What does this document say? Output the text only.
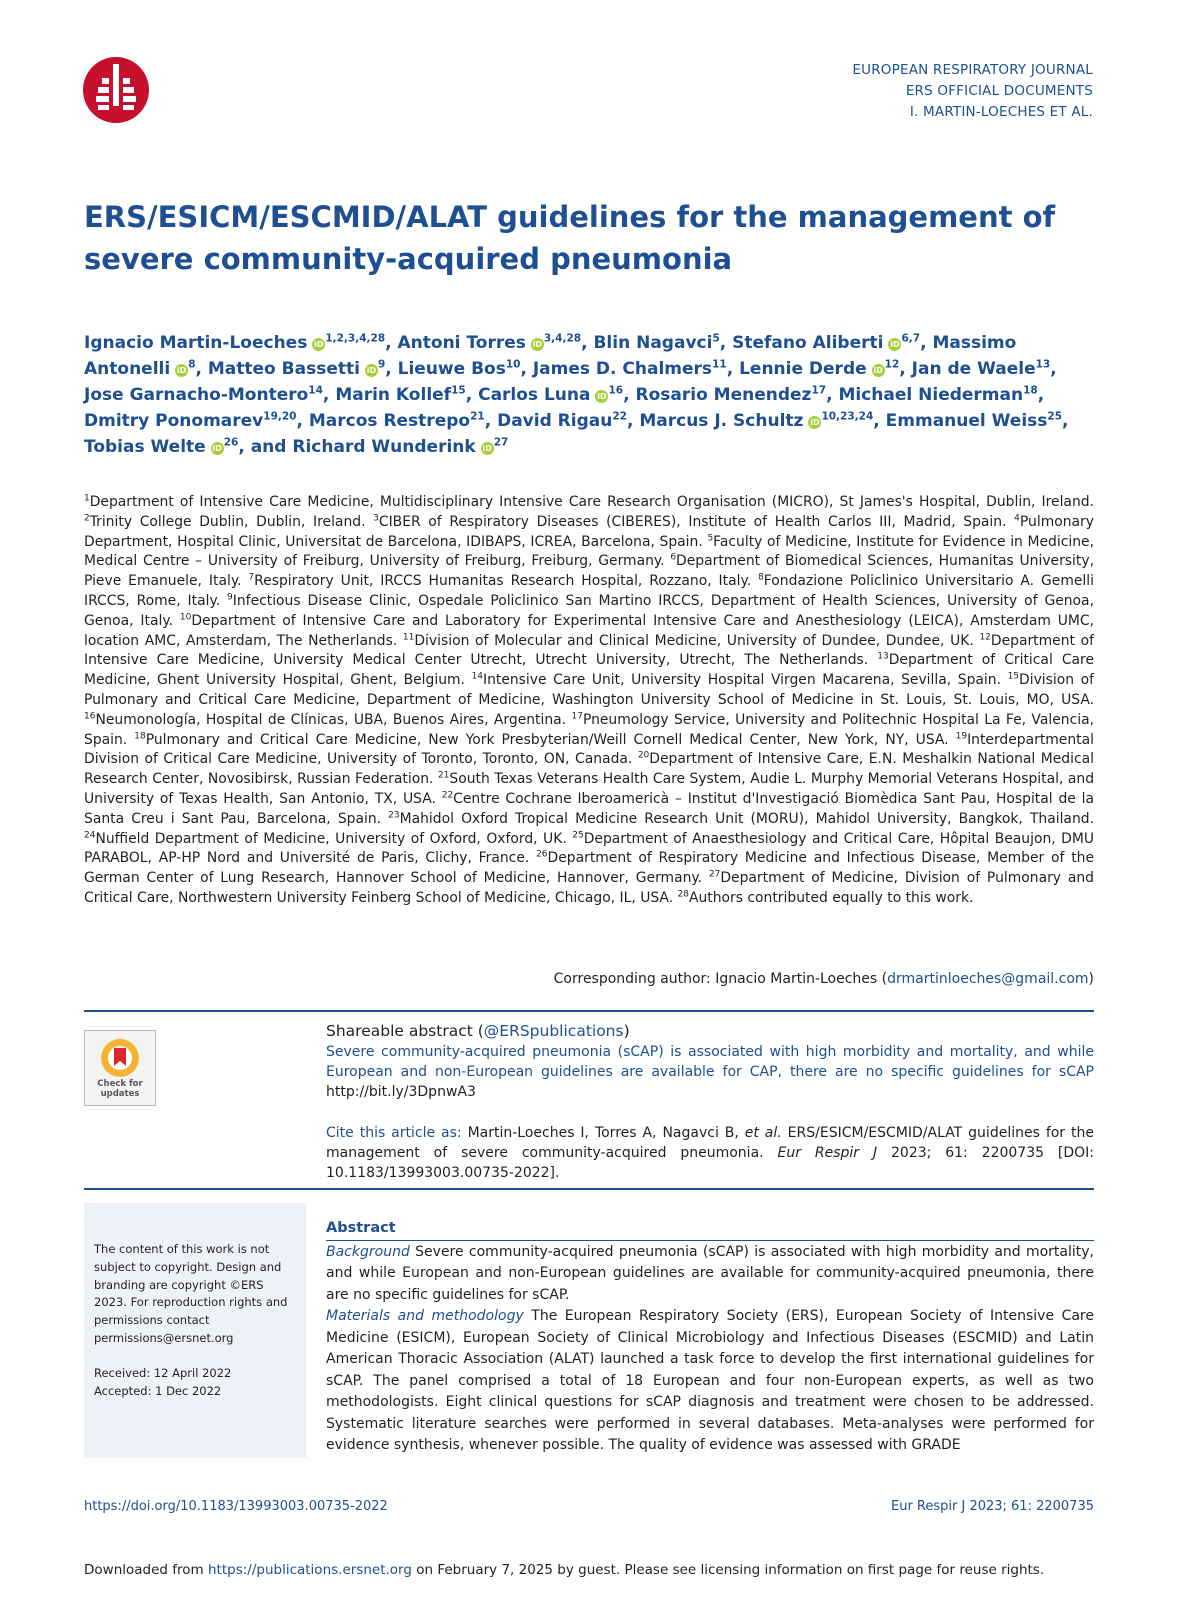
EUROPEAN RESPIRATORY JOURNAL
ERS OFFICIAL DOCUMENTS
I. MARTIN-LOECHES ET AL.
ERS/ESICM/ESCMID/ALAT guidelines for the management of severe community-acquired pneumonia

Ignacio Martin-Loeches iD$^{1,2,3,4,28}$, Antoni Torres iD$^{3,4,28}$, Blin Nagavci$^5$, Stefano Aliberti iD$^{6,7}$, Massimo Antonelli $iD^8$, Matteo Bassetti $iD^9$, Lieuwe Bos$^{10}$, James D. Chalmers$^{11}$, Lennie Derde $iD^{12}$, Jan de Waele$^{13}$, Jose Garnacho-Montero$^{14}$, Marin Kollef$^{15}$, Carlos Luna $iD^{16}$, Rosario Menendez$^{17}$, Michael Niederman$^{18}$, Dmitry Ponomarev$^{19,20}$, Marcos Restrepo$^{21}$, David Rigau$^{22}$, Marcus J. Schultz iD$^{10,23,24}$, Emmanuel Weiss$^{25}$, Tobias Welte $iD^{26}$, and Richard Wunderink $iD^{27}$

$^1$Department of Intensive Care Medicine, Multidisciplinary Intensive Care Research Organisation (MICRO), St James's Hospital, Dublin, Ireland. $^2$Trinity College Dublin, Dublin, Ireland. $^3$CIBER of Respiratory Diseases (CIBERES), Institute of Health Carlos III, Madrid, Spain. $^4$Pulmonary Department, Hospital Clinic, Universitat de Barcelona, IDIBAPS, ICREA, Barcelona, Spain. $^5$Faculty of Medicine, Institute for Evidence in Medicine, Medical Centre – University of Freiburg, University of Freiburg, Freiburg, Germany. $^6$Department of Biomedical Sciences, Humanitas University, Pieve Emanuele, Italy. $^7$Respiratory Unit, IRCCS Humanitas Research Hospital, Rozzano, Italy. $^8$Fondazione Policlinico Universitario A. Gemelli IRCCS, Rome, Italy. $^9$Infectious Disease Clinic, Ospedale Policlinico San Martino IRCCS, Department of Health Sciences, University of Genoa, Genoa, Italy. $^{10}$Department of Intensive Care and Laboratory for Experimental Intensive Care and Anesthesiology (LEICA), Amsterdam UMC, location AMC, Amsterdam, The Netherlands. $^{11}$Division of Molecular and Clinical Medicine, University of Dundee, Dundee, UK. $^{12}$Department of Intensive Care Medicine, University Medical Center Utrecht, Utrecht University, Utrecht, The Netherlands. $^{13}$Department of Critical Care Medicine, Ghent University Hospital, Ghent, Belgium. $^{14}$Intensive Care Unit, University Hospital Virgen Macarena, Sevilla, Spain. $^{15}$Division of Pulmonary and Critical Care Medicine, Department of Medicine, Washington University School of Medicine in St. Louis, St. Louis, MO, USA. $^{16}$Neumonología, Hospital de Clínicas, UBA, Buenos Aires, Argentina. $^{17}$Pneumology Service, University and Politechnic Hospital La Fe, Valencia, Spain. $^{18}$Pulmonary and Critical Care Medicine, New York Presbyterian/Weill Cornell Medical Center, New York, NY, USA. $^{19}$Interdepartmental Division of Critical Care Medicine, University of Toronto, Toronto, ON, Canada. $^{20}$Department of Intensive Care, E.N. Meshalkin National Medical Research Center, Novosibirsk, Russian Federation. $^{21}$South Texas Veterans Health Care System, Audie L. Murphy Memorial Veterans Hospital, and University of Texas Health, San Antonio, TX, USA. $^{22}$Centre Cochrane Iberoamericà – Institut d'Investigació Biomèdica Sant Pau, Hospital de la Santa Creu i Sant Pau, Barcelona, Spain. $^{23}$Mahidol Oxford Tropical Medicine Research Unit (MORU), Mahidol University, Bangkok, Thailand. $^{24}$Nuffield Department of Medicine, University of Oxford, Oxford, UK. $^{25}$Department of Anaesthesiology and Critical Care, Hôpital Beaujon, DMU PARABOL, AP-HP Nord and Université de Paris, Clichy, France. $^{26}$Department of Respiratory Medicine and Infectious Disease, Member of the German Center of Lung Research, Hannover School of Medicine, Hannover, Germany. $^{27}$Department of Medicine, Division of Pulmonary and Critical Care, Northwestern University Feinberg School of Medicine, Chicago, IL, USA. $^{28}$Authors contributed equally to this work.

Corresponding author: Ignacio Martin-Loeches (drmartinloeches@gmail.com)
Check for
updates
Shareable abstract (@ERSpublications)
Severe community-acquired pneumonia (sCAP) is associated with high morbidity and mortality, and while European and non-European guidelines are available for CAP, there are no specific guidelines for sCAP http://bit.ly/3DpnwA3

Cite this article as: Martin-Loeches I, Torres A, Nagavci B, et al. ERS/ESICM/ESCMID/ALAT guidelines for the management of severe community-acquired pneumonia. Eur Respir J 2023; 61: 2200735 [DOI: 10.1183/13993003.00735-2022].

The content of this work is not subject to copyright. Design and branding are copyright ©ERS 2023. For reproduction rights and permissions contact permissions@ersnet.org
Received: 12 April 2022
Accepted: 1 Dec 2022
Abstract
Background Severe community-acquired pneumonia (sCAP) is associated with high morbidity and mortality, and while European and non-European guidelines are available for community-acquired pneumonia, there are no specific guidelines for sCAP.
Materials and methodology The European Respiratory Society (ERS), European Society of Intensive Care Medicine (ESICM), European Society of Clinical Microbiology and Infectious Diseases (ESCMID) and Latin American Thoracic Association (ALAT) launched a task force to develop the first international guidelines for sCAP. The panel comprised a total of 18 European and four non-European experts, as well as two methodologists. Eight clinical questions for sCAP diagnosis and treatment were chosen to be addressed. Systematic literature searches were performed in several databases. Meta-analyses were performed for evidence synthesis, whenever possible. The quality of evidence was assessed with GRADE
https://doi.org/10.1183/13993003.00735-2022	Eur Respir J 2023; 61: 2200735
Downloaded from https://publications.ersnet.org on February 7, 2025 by guest. Please see licensing information on first page for reuse rights.
